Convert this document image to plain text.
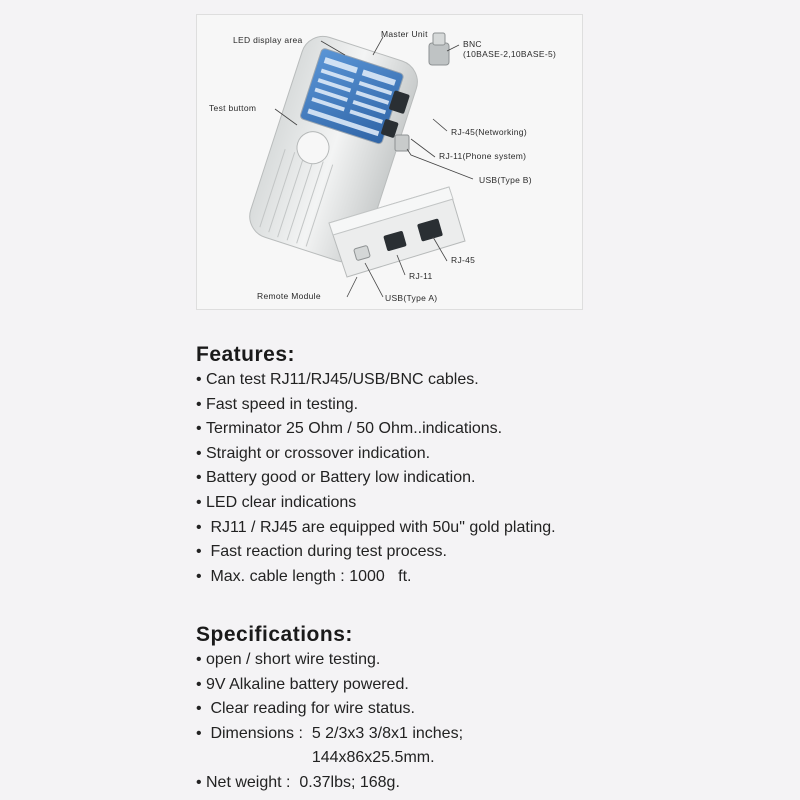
LED display area
Master Unit
BNC
(10BASE-2,10BASE-5)
Test buttom
RJ-45(Networking)
RJ-11(Phone system)
USB(Type B)
RJ-45
RJ-11
Remote Module	USB(Type A)
Features:
• Can test RJ11/RJ45/USB/BNC cables.
• Fast speed in testing.
• Terminator 25 Ohm / 50 Ohm..indications.
• Straight or crossover indication.
• Battery good or Battery low indication.
• LED clear indications
• RJ11 / RJ45 are equipped with 50u" gold plating.
• Fast reaction during test process.
• Max. cable length : 1000   ft.
Specifications:
• open / short wire testing.
• 9V Alkaline battery powered.
• Clear reading for wire status.
• Dimensions : 5 2/3x3 3/8x1 inches;
144x86x25.5mm.
• Net weight :  0.37lbs; 168g.
